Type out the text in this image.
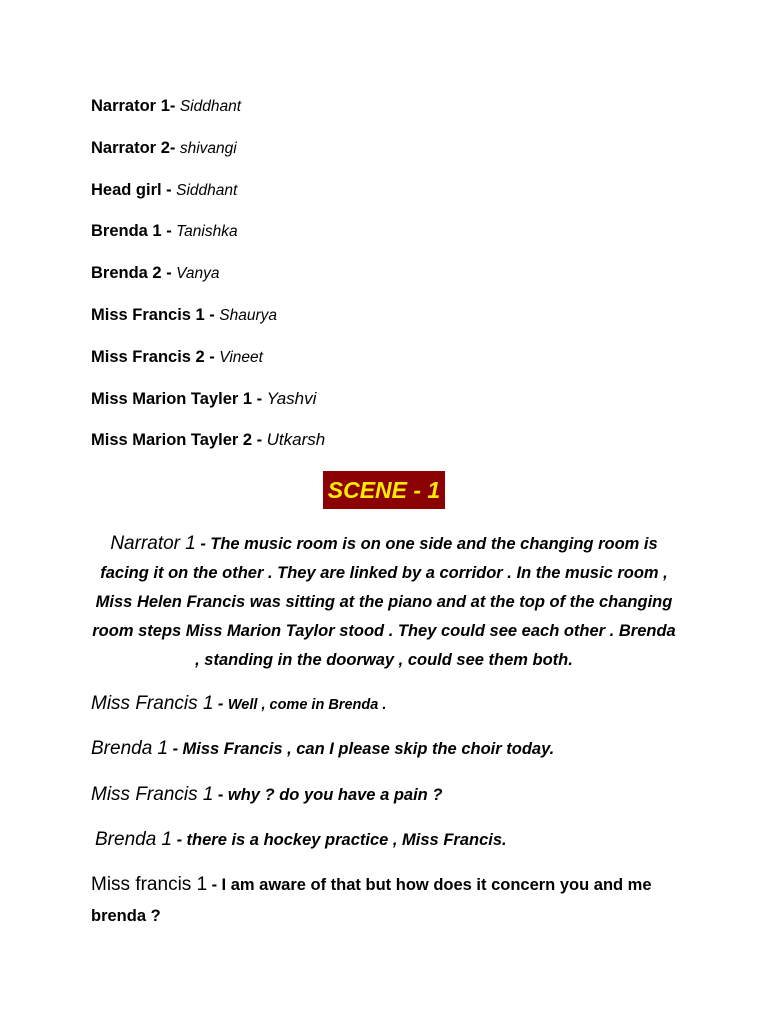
Narrator 1- Siddhant
Narrator 2- shivangi
Head girl - Siddhant
Brenda 1 - Tanishka
Brenda 2 - Vanya
Miss Francis 1 - Shaurya
Miss Francis 2 - Vineet
Miss Marion Tayler 1 - Yashvi
Miss Marion Tayler 2 - Utkarsh
SCENE - 1
Narrator 1 - The music room is on one side and the changing room is facing it on the other . They are linked by a corridor . In the music room , Miss Helen Francis was sitting at the piano and at the top of the changing room steps Miss Marion Taylor stood . They could see each other . Brenda , standing in the doorway , could see them both.
Miss Francis 1 - Well , come in Brenda .
Brenda 1 - Miss Francis , can I please skip the choir today.
Miss Francis 1 - why ? do you have a pain ?
Brenda 1 - there is a hockey practice , Miss Francis.
Miss francis 1 - I am aware of that but how does it concern you and me brenda ?
